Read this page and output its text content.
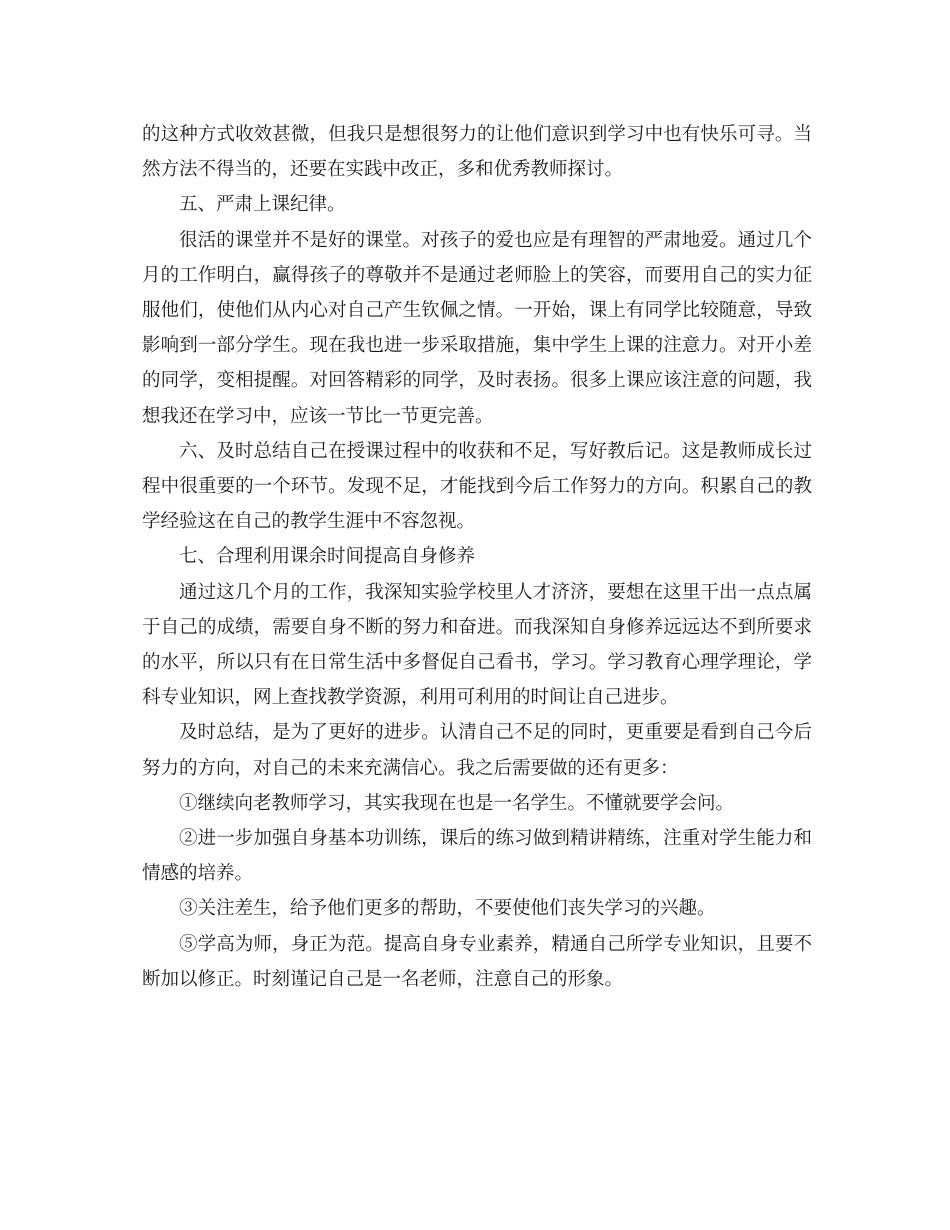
的这种方式收效甚微，但我只是想很努力的让他们意识到学习中也有快乐可寻。当然方法不得当的，还要在实践中改正，多和优秀教师探讨。

五、严肃上课纪律。

很活的课堂并不是好的课堂。对孩子的爱也应是有理智的严肃地爱。通过几个月的工作明白，赢得孩子的尊敬并不是通过老师脸上的笑容，而要用自己的实力征服他们，使他们从内心对自己产生钦佩之情。一开始，课上有同学比较随意，导致影响到一部分学生。现在我也进一步采取措施，集中学生上课的注意力。对开小差的同学，变相提醒。对回答精彩的同学，及时表扬。很多上课应该注意的问题，我想我还在学习中，应该一节比一节更完善。

六、及时总结自己在授课过程中的收获和不足，写好教后记。这是教师成长过程中很重要的一个环节。发现不足，才能找到今后工作努力的方向。积累自己的教学经验这在自己的教学生涯中不容忽视。

七、合理利用课余时间提高自身修养

通过这几个月的工作，我深知实验学校里人才济济，要想在这里干出一点点属于自己的成绩，需要自身不断的努力和奋进。而我深知自身修养远远达不到所要求的水平，所以只有在日常生活中多督促自己看书，学习。学习教育心理学理论，学科专业知识，网上查找教学资源，利用可利用的时间让自己进步。

及时总结，是为了更好的进步。认清自己不足的同时，更重要是看到自己今后努力的方向，对自己的未来充满信心。我之后需要做的还有更多：

①继续向老教师学习，其实我现在也是一名学生。不懂就要学会问。

②进一步加强自身基本功训练，课后的练习做到精讲精练，注重对学生能力和情感的培养。

③关注差生，给予他们更多的帮助，不要使他们丧失学习的兴趣。

⑤学高为师，身正为范。提高自身专业素养，精通自己所学专业知识，且要不断加以修正。时刻谨记自己是一名老师，注意自己的形象。
